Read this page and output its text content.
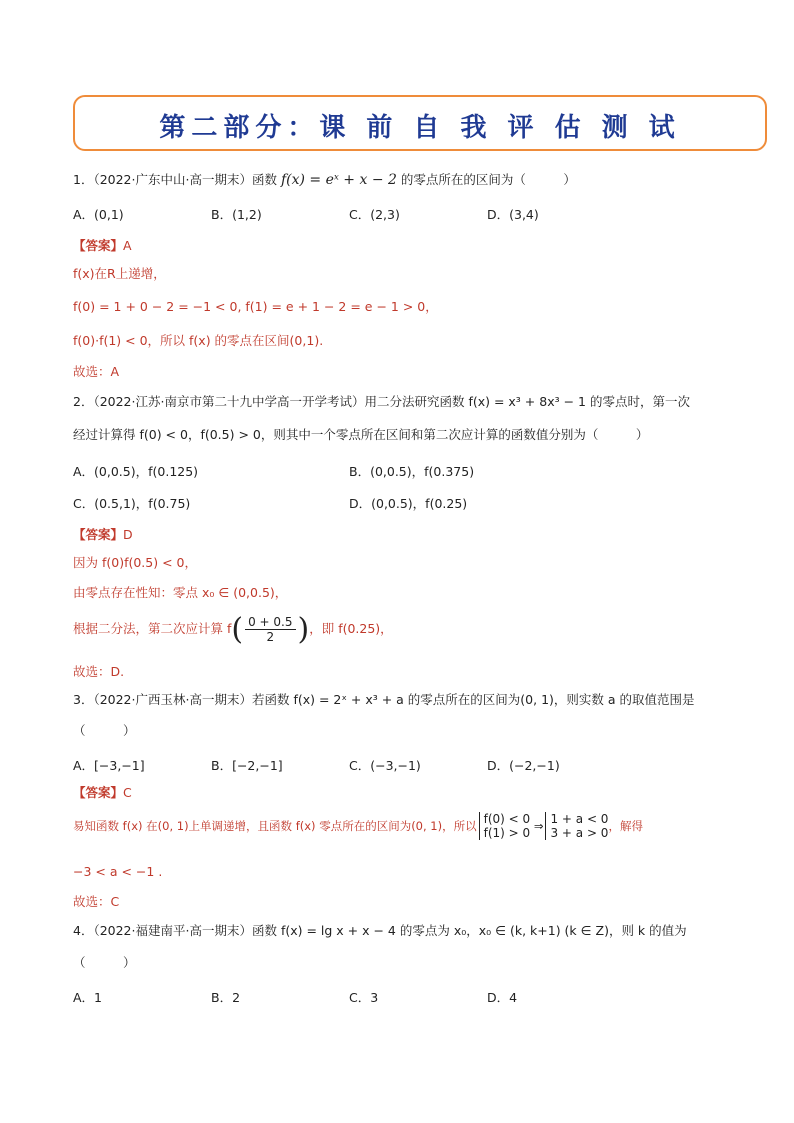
第二部分：课 前 自 我 评 估 测 试
1．（2022·广东中山·高一期末）函数 f(x) = eˣ + x − 2 的零点所在的区间为（　　　）
A．(0,1)	B．(1,2)	C．(2,3)	D．(3,4)
【答案】A
f(x)在R上递增，
f(0) = 1 + 0 − 2 = −1 < 0, f(1) = e + 1 − 2 = e − 1 > 0，
f(0)·f(1) < 0，所以 f(x) 的零点在区间(0,1).
故选：A
2．（2022·江苏·南京市第二十九中学高一开学考试）用二分法研究函数 f(x) = x³ + 8x³ − 1 的零点时，第一次
经过计算得 f(0) < 0，f(0.5) > 0，则其中一个零点所在区间和第二次应计算的函数值分别为（　　　）
A．(0,0.5)，f(0.125)	B．(0,0.5)，f(0.375)
C．(0.5,1)，f(0.75)	D．(0,0.5)，f(0.25)
【答案】D
因为 f(0)f(0.5) < 0，
由零点存在性知：零点 x₀ ∈ (0,0.5)，
根据二分法，第二次应计算 $f( \frac{0 + 0.5}{2}$ )，即 f(0.25)，
故选：D.
3．（2022·广西玉林·高一期末）若函数 f(x) = 2ˣ + x³ + a 的零点所在的区间为(0, 1)，则实数 a 的取值范围是
（　　　）
A．[−3,−1]	B．[−2,−1]	C．(−3,−1)	D．(−2,−1)
【答案】C
易知函数 f(x) 在(0, 1)上单调递增，且函数 f(x) 零点所在的区间为(0, 1)，所以 f(0) < 0
f(1) > 0 ⇒ 1 + a < 0
3 + a > 0 ，解得
−3 < a < −1 .
故选：C
4．（2022·福建南平·高一期末）函数 f(x) = lg x + x − 4 的零点为 x₀，x₀ ∈ (k, k+1) (k ∈ Z)，则 k 的值为
（　　　）
A．1	B．2	C．3	D．4
